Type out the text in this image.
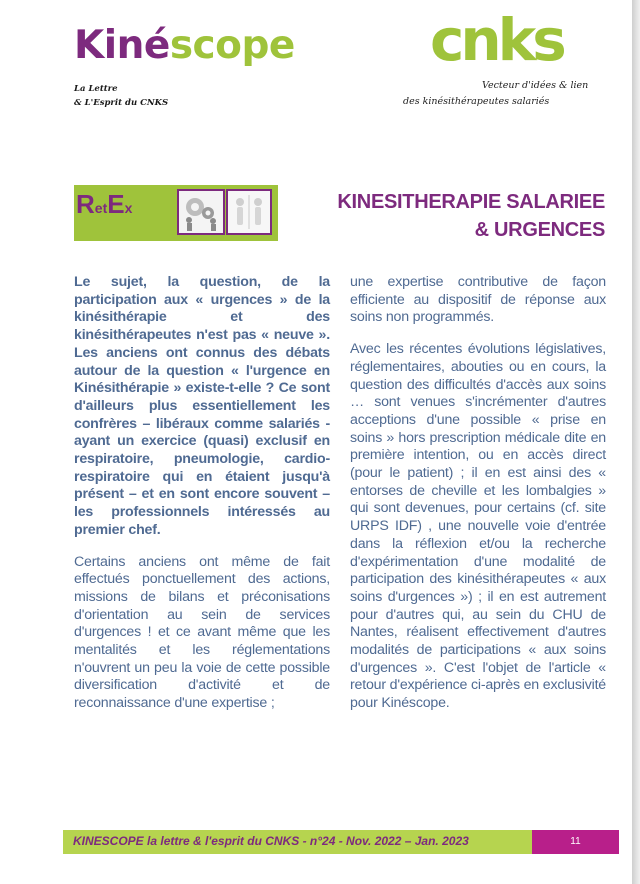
Kinéscope
La Lettre
& L'Esprit du CNKS
cnks
Vecteur d'idées & lien
des kinésithérapeutes salariés
RetEx	KINESITHERAPIE SALARIEE
& URGENCES

Le sujet, la question, de la participation aux « urgences » de la kinésithérapie et des kinésithérapeutes n'est pas « neuve ». Les anciens ont connus des débats autour de la question « l'urgence en Kinésithérapie » existe-t-elle ? Ce sont d'ailleurs plus essentiellement les confrères – libéraux comme salariés - ayant un exercice (quasi) exclusif en respiratoire, pneumologie, cardio-respiratoire qui en étaient jusqu'à présent – et en sont encore souvent – les professionnels intéressés au premier chef.

Certains anciens ont même de fait effectués ponctuellement des actions, missions de bilans et préconisations d'orientation au sein de services d'urgences ! et ce avant même que les mentalités et les réglementations n'ouvrent un peu la voie de cette possible diversification d'activité et de reconnaissance d'une expertise ;

une expertise contributive de façon efficiente au dispositif de réponse aux soins non programmés.

Avec les récentes évolutions législatives, réglementaires, abouties ou en cours, la question des difficultés d'accès aux soins … sont venues s'incrémenter d'autres acceptions d'une possible « prise en soins » hors prescription médicale dite en première intention, ou en accès direct (pour le patient) ; il en est ainsi des « entorses de cheville et les lombalgies » qui sont devenues, pour certains (cf. site URPS IDF) , une nouvelle voie d'entrée dans la réflexion et/ou la recherche d'expérimentation d'une modalité de participation des kinésithérapeutes « aux soins d'urgences ») ; il en est autrement pour d'autres qui, au sein du CHU de Nantes, réalisent effectivement d'autres modalités de participations « aux soins d'urgences ». C'est l'objet de l'article « retour d'expérience ci-après en exclusivité pour Kinéscope.

KINESCOPE la lettre & l'esprit du CNKS - n°24 - Nov. 2022 – Jan. 2023	11
